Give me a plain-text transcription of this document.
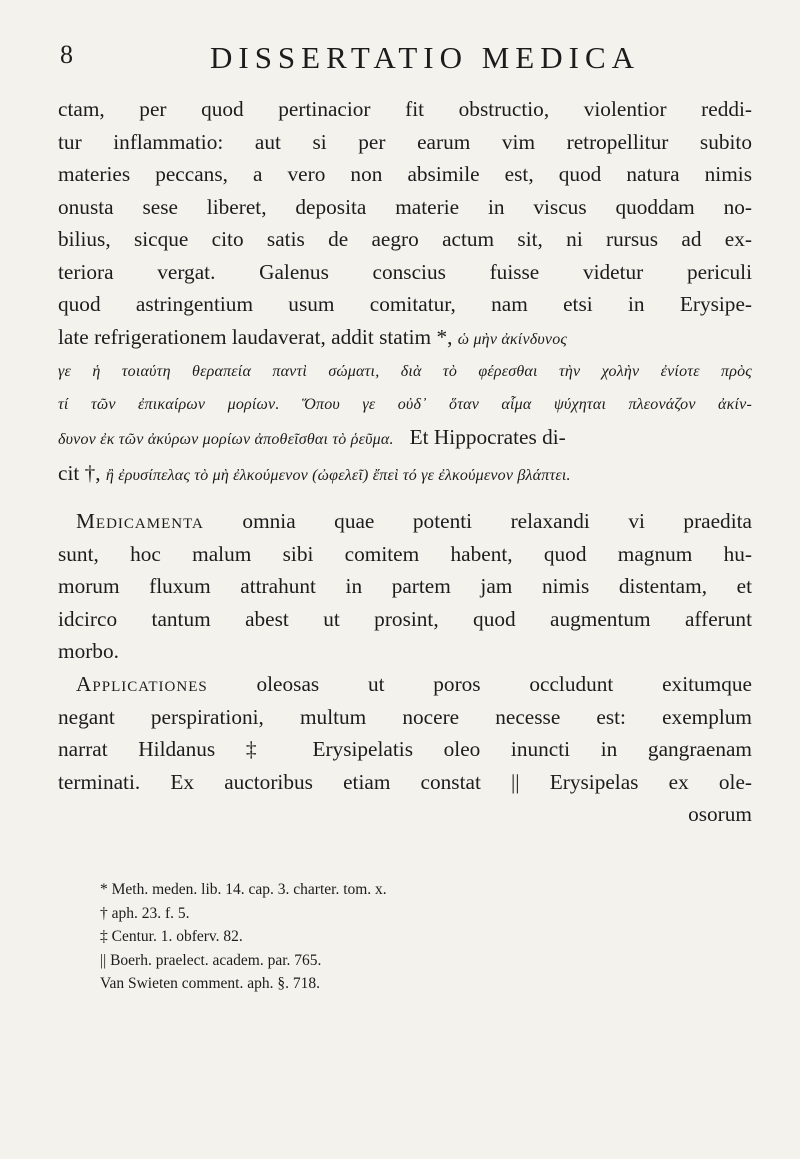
8	DISSERTATIO MEDICA
ctam, per quod pertinacior fit obstructio, violentior reddi-
tur inflammatio: aut si per earum vim retropellitur subito
materies peccans, a vero non absimile est, quod natura nimis
onusta sese liberet, deposita materie in viscus quoddam no-
bilius, sicque cito satis de aegro actum sit, ni rursus ad ex-
teriora vergat. Galenus conscius fuisse videtur periculi
quod astringentium usum comitatur, nam etsi in Erysipe-
late refrigerationem laudaverat, addit statim *, ὡ μὴν ἀκίνδυνος
γε ἡ τοιαύτη θεραπεία παντὶ σώματι, διὰ τὸ φέρεσθαι τὴν χολὴν ἐνίοτε πρὸς
τί τῶν ἐπικαίρων μορίων. Ὅπου γε οὐδ᾽ ὅταν αἷμα ψύχηται πλεονάζον ἀκίν-
δυνον ἐκ τῶν ἀκύρων μορίων ἀποθεῖσθαι τὸ ῥεῦμα. Et Hippocrates di-
cit †, ἢ ἐρυσίπελας τὸ μὴ ἐλκούμενον (ὠφελεῖ) ἔπεὶ τό γε ἐλκούμενον βλάπτει.
Medicamenta omnia quae potenti relaxandi vi praedita
sunt, hoc malum sibi comitem habent, quod magnum hu-
morum fluxum attrahunt in partem jam nimis distentam, et
idcirco tantum abest ut prosint, quod augmentum afferunt
morbo.
Applicationes oleosas ut poros occludunt exitumque
negant perspirationi, multum nocere necesse est: exemplum
narrat Hildanus ‡ Erysipelatis oleo inuncti in gangraenam
terminati. Ex auctoribus etiam constat || Erysipelas ex ole-
osorum
* Meth. meden. lib. 14. cap. 3. charter. tom. x.
† aph. 23. f. 5.
‡ Centur. 1. obferv. 82.
|| Boerh. praelect. academ. par. 765.
Van Swieten comment. aph. §. 718.
